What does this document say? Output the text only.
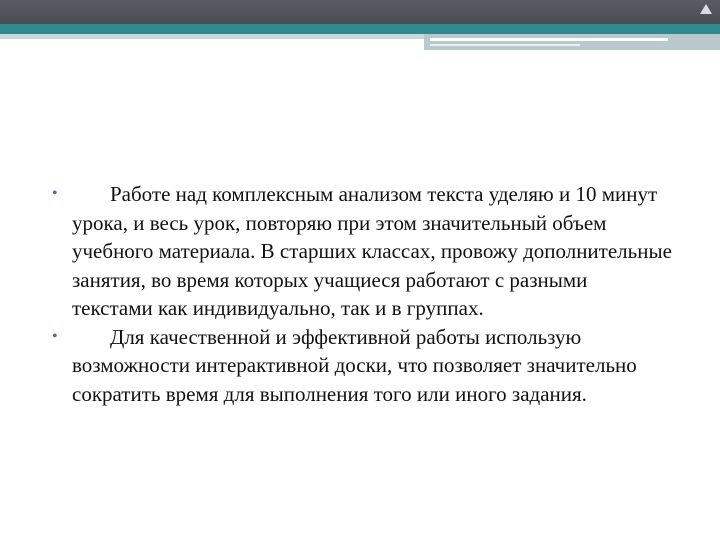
•	Работе над комплексным анализом текста уделяю и 10 минут урока, и весь урок, повторяю при этом значительный объем учебного материала. В старших классах, провожу дополнительные занятия, во время которых учащиеся работают с разными текстами как индивидуально, так и в группах.
•	Для качественной и эффективной работы использую возможности интерактивной доски, что позволяет значительно сократить время для выполнения того или иного задания.
